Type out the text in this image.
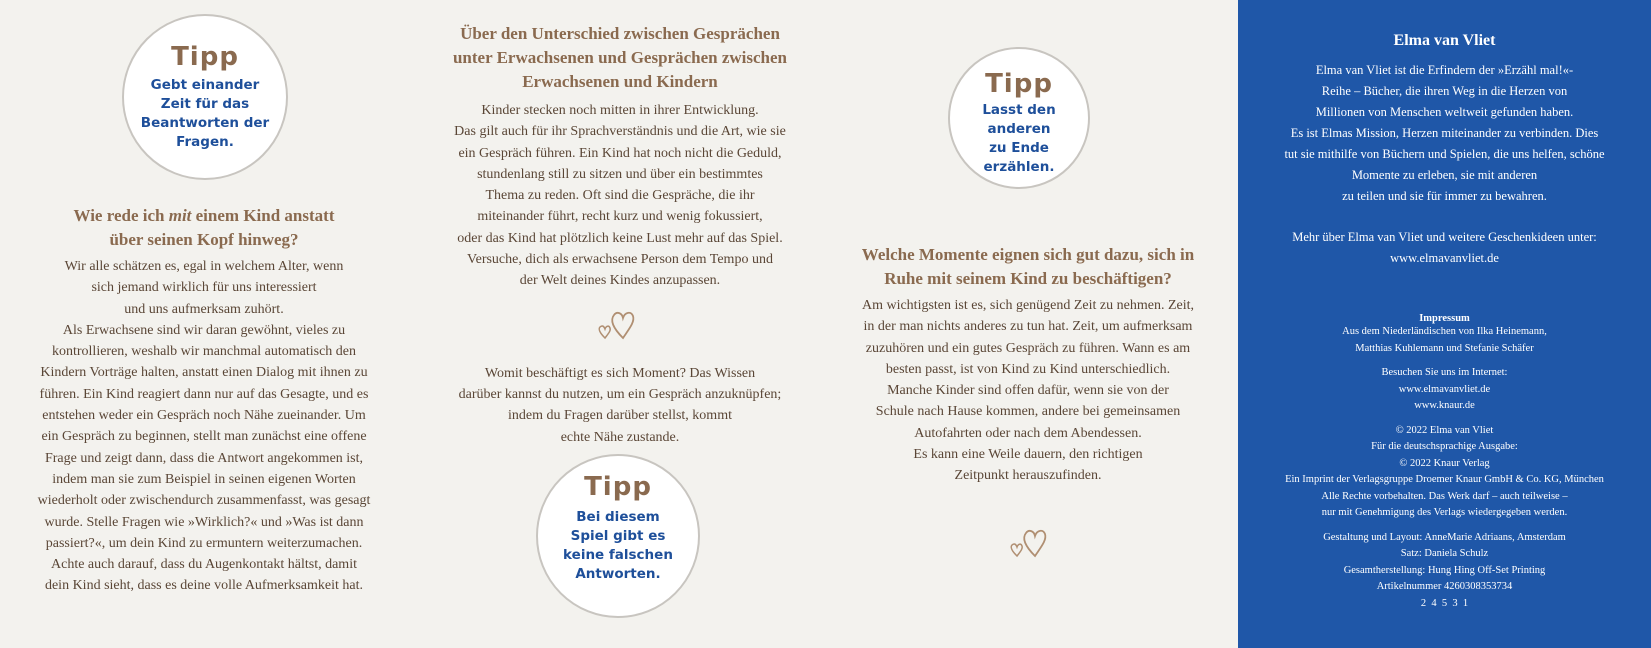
Tipp
Gebt einander
Zeit für das
Beantworten der
Fragen.
Wie rede ich mit einem Kind anstatt
über seinen Kopf hinweg?
Wir alle schätzen es, egal in welchem Alter, wenn
sich jemand wirklich für uns interessiert
und uns aufmerksam zuhört.
Als Erwachsene sind wir daran gewöhnt, vieles zu
kontrollieren, weshalb wir manchmal automatisch den
Kindern Vorträge halten, anstatt einen Dialog mit ihnen zu
führen. Ein Kind reagiert dann nur auf das Gesagte, und es
entstehen weder ein Gespräch noch Nähe zueinander. Um
ein Gespräch zu beginnen, stellt man zunächst eine offene
Frage und zeigt dann, dass die Antwort angekommen ist,
indem man sie zum Beispiel in seinen eigenen Worten
wiederholt oder zwischendurch zusammenfasst, was gesagt
wurde. Stelle Fragen wie »Wirklich?« und »Was ist dann
passiert?«, um dein Kind zu ermuntern weiterzumachen.
Achte auch darauf, dass du Augenkontakt hältst, damit
dein Kind sieht, dass es deine volle Aufmerksamkeit hat.
Über den Unterschied zwischen Gesprächen
unter Erwachsenen und Gesprächen zwischen
Erwachsenen und Kindern
Kinder stecken noch mitten in ihrer Entwicklung.
Das gilt auch für ihr Sprachverständnis und die Art, wie sie
ein Gespräch führen. Ein Kind hat noch nicht die Geduld,
stundenlang still zu sitzen und über ein bestimmtes
Thema zu reden. Oft sind die Gespräche, die ihr
miteinander führt, recht kurz und wenig fokussiert,
oder das Kind hat plötzlich keine Lust mehr auf das Spiel.
Versuche, dich als erwachsene Person dem Tempo und
der Welt deines Kindes anzupassen.
Womit beschäftigt es sich Moment? Das Wissen
darüber kannst du nutzen, um ein Gespräch anzuknüpfen;
indem du Fragen darüber stellst, kommt
echte Nähe zustande.
Tipp
Bei diesem
Spiel gibt es
keine falschen
Antworten.
Tipp
Lasst den
anderen
zu Ende
erzählen.
Welche Momente eignen sich gut dazu, sich in
Ruhe mit seinem Kind zu beschäftigen?
Am wichtigsten ist es, sich genügend Zeit zu nehmen. Zeit,
in der man nichts anderes zu tun hat. Zeit, um aufmerksam
zuzuhören und ein gutes Gespräch zu führen. Wann es am
besten passt, ist von Kind zu Kind unterschiedlich.
Manche Kinder sind offen dafür, wenn sie von der
Schule nach Hause kommen, andere bei gemeinsamen
Autofahrten oder nach dem Abendessen.
Es kann eine Weile dauern, den richtigen
Zeitpunkt herauszufinden.
Elma van Vliet
Elma van Vliet ist die Erfindern der »Erzähl mal!«-
Reihe – Bücher, die ihren Weg in die Herzen von
Millionen von Menschen weltweit gefunden haben.
Es ist Elmas Mission, Herzen miteinander zu verbinden. Dies
tut sie mithilfe von Büchern und Spielen, die uns helfen, schöne
Momente zu erleben, sie mit anderen
zu teilen und sie für immer zu bewahren.
Mehr über Elma van Vliet und weitere Geschenkideen unter:
www.elmavanvliet.de
Impressum
Aus dem Niederländischen von Ilka Heinemann,
Matthias Kuhlemann und Stefanie Schäfer
Besuchen Sie uns im Internet:
www.elmavanvliet.de
www.knaur.de
© 2022 Elma van Vliet
Für die deutschsprachige Ausgabe:
© 2022 Knaur Verlag
Ein Imprint der Verlagsgruppe Droemer Knaur GmbH & Co. KG, München
Alle Rechte vorbehalten. Das Werk darf – auch teilweise –
nur mit Genehmigung des Verlags wiedergegeben werden.
Gestaltung und Layout: AnneMarie Adriaans, Amsterdam
Satz: Daniela Schulz
Gesamtherstellung: Hung Hing Off-Set Printing
Artikelnummer 4260308353734
2  4  5  3  1
